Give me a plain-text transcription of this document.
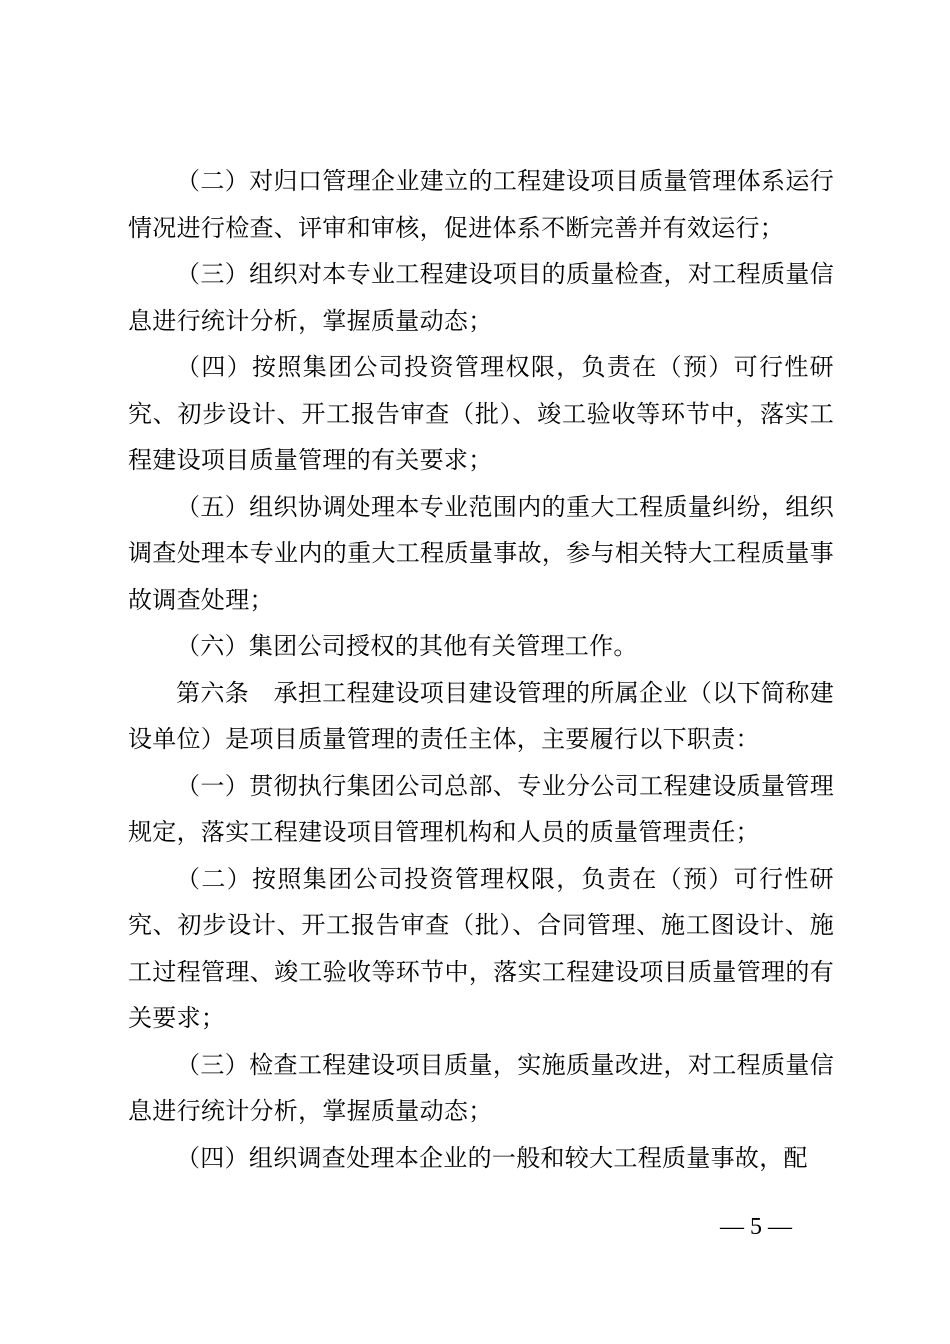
（二）对归口管理企业建立的工程建设项目质量管理体系运行情况进行检查、评审和审核，促进体系不断完善并有效运行；

（三）组织对本专业工程建设项目的质量检查，对工程质量信息进行统计分析，掌握质量动态；

（四）按照集团公司投资管理权限，负责在（预）可行性研究、初步设计、开工报告审查（批）、竣工验收等环节中，落实工程建设项目质量管理的有关要求；

（五）组织协调处理本专业范围内的重大工程质量纠纷，组织调查处理本专业内的重大工程质量事故，参与相关特大工程质量事故调查处理；

（六）集团公司授权的其他有关管理工作。

第六条　承担工程建设项目建设管理的所属企业（以下简称建设单位）是项目质量管理的责任主体，主要履行以下职责：

（一）贯彻执行集团公司总部、专业分公司工程建设质量管理规定，落实工程建设项目管理机构和人员的质量管理责任；

（二）按照集团公司投资管理权限，负责在（预）可行性研究、初步设计、开工报告审查（批）、合同管理、施工图设计、施工过程管理、竣工验收等环节中，落实工程建设项目质量管理的有关要求；

（三）检查工程建设项目质量，实施质量改进，对工程质量信息进行统计分析，掌握质量动态；

（四）组织调查处理本企业的一般和较大工程质量事故，配

— 5 —
